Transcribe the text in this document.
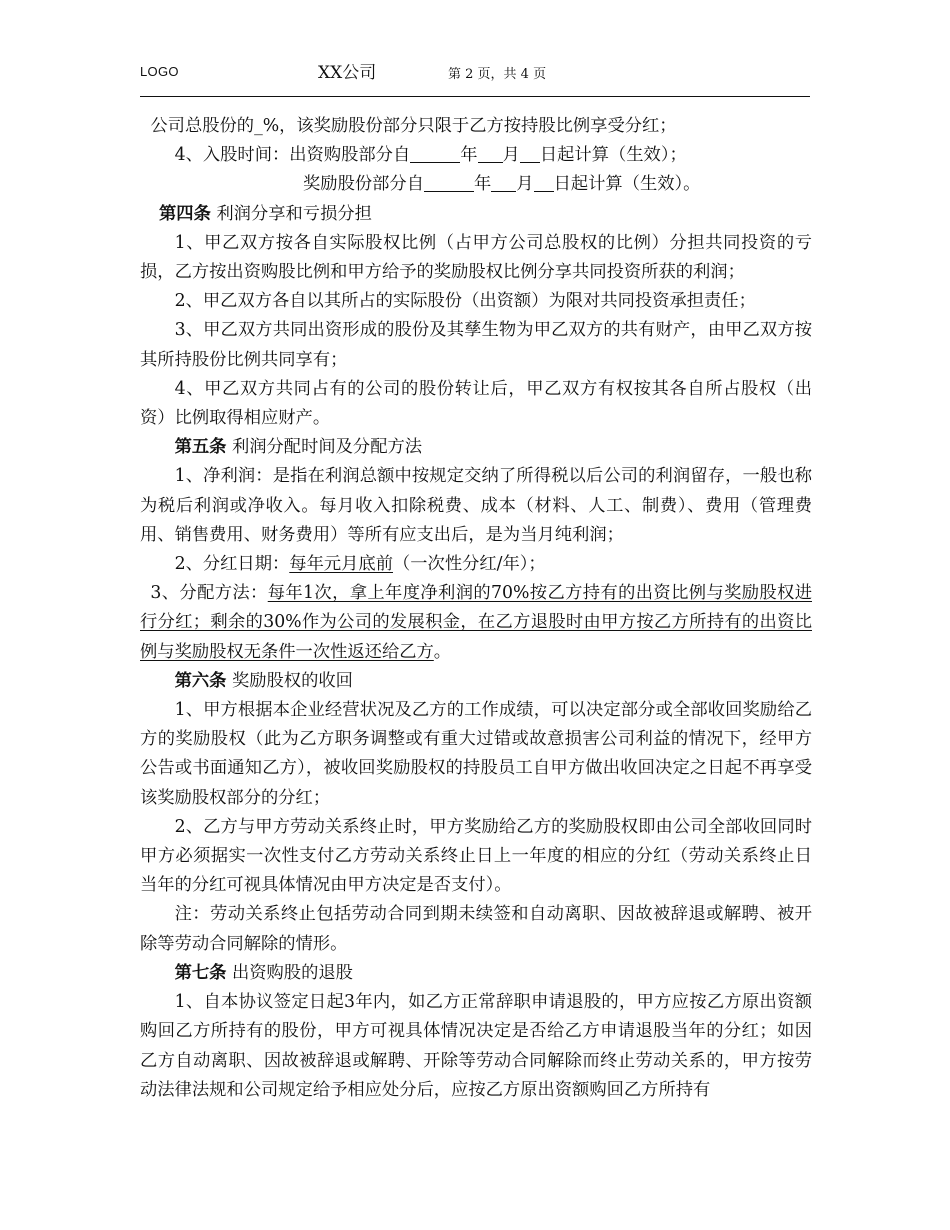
LOGO	XX公司	第 2 页，共 4 页

公司总股份的_%，该奖励股份部分只限于乙方按持股比例享受分红；

4、入股时间：出资购股部分自	年 月 日起计算（生效）；

奖励股份部分自	年 月 日起计算（生效）。

第四条 利润分享和亏损分担

1、甲乙双方按各自实际股权比例（占甲方公司总股权的比例）分担共同投资的亏损，乙方按出资购股比例和甲方给予的奖励股权比例分享共同投资所获的利润；

2、甲乙双方各自以其所占的实际股份（出资额）为限对共同投资承担责任；

3、甲乙双方共同出资形成的股份及其孳生物为甲乙双方的共有财产，由甲乙双方按其所持股份比例共同享有；

4、甲乙双方共同占有的公司的股份转让后，甲乙双方有权按其各自所占股权（出资）比例取得相应财产。

第五条 利润分配时间及分配方法

1、净利润：是指在利润总额中按规定交纳了所得税以后公司的利润留存，一般也称为税后利润或净收入。每月收入扣除税费、成本（材料、人工、制费）、费用（管理费用、销售费用、财务费用）等所有应支出后，是为当月纯利润；

2、分红日期：每年元月底前（一次性分红/年）；

3、分配方法：每年1次，拿上年度净利润的70%按乙方持有的出资比例与奖励股权进行分红；剩余的30%作为公司的发展积金，在乙方退股时由甲方按乙方所持有的出资比例与奖励股权无条件一次性返还给乙方。

第六条 奖励股权的收回

1、甲方根据本企业经营状况及乙方的工作成绩，可以决定部分或全部收回奖励给乙方的奖励股权（此为乙方职务调整或有重大过错或故意损害公司利益的情况下，经甲方公告或书面通知乙方），被收回奖励股权的持股员工自甲方做出收回决定之日起不再享受该奖励股权部分的分红；

2、乙方与甲方劳动关系终止时，甲方奖励给乙方的奖励股权即由公司全部收回同时甲方必须据实一次性支付乙方劳动关系终止日上一年度的相应的分红（劳动关系终止日当年的分红可视具体情况由甲方决定是否支付）。

注：劳动关系终止包括劳动合同到期未续签和自动离职、因故被辞退或解聘、被开除等劳动合同解除的情形。

第七条 出资购股的退股

1、自本协议签定日起3年内，如乙方正常辞职申请退股的，甲方应按乙方原出资额购回乙方所持有的股份，甲方可视具体情况决定是否给乙方申请退股当年的分红；如因乙方自动离职、因故被辞退或解聘、开除等劳动合同解除而终止劳动关系的，甲方按劳动法律法规和公司规定给予相应处分后，应按乙方原出资额购回乙方所持有
